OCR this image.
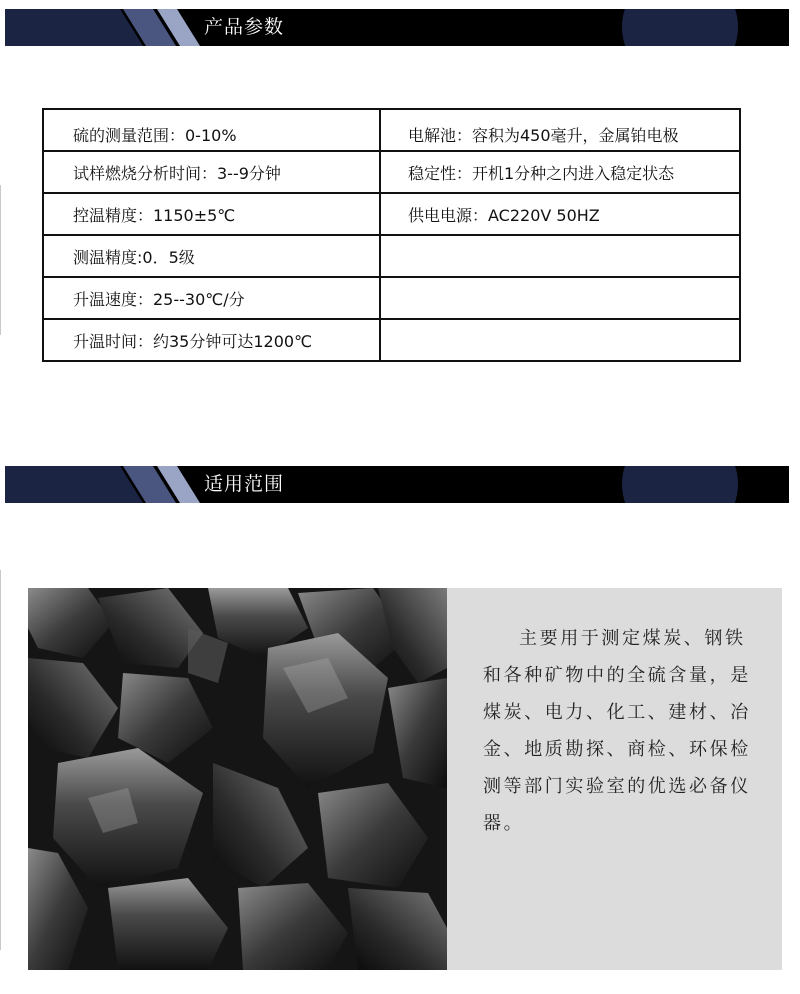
产品参数
硫的测量范围：0-10%	电解池：容积为450毫升，金属铂电极
试样燃烧分析时间：3--9分钟	稳定性：开机1分种之内进入稳定状态
控温精度：1150±5℃	供电电源：AC220V 50HZ
测温精度:0．5级	
升温速度：25--30℃/分	
升温时间：约35分钟可达1200℃	
适用范围

主要用于测定煤炭、钢铁和各种矿物中的全硫含量，是煤炭、电力、化工、建材、冶金、地质勘探、商检、环保检测等部门实验室的优选必备仪器。
